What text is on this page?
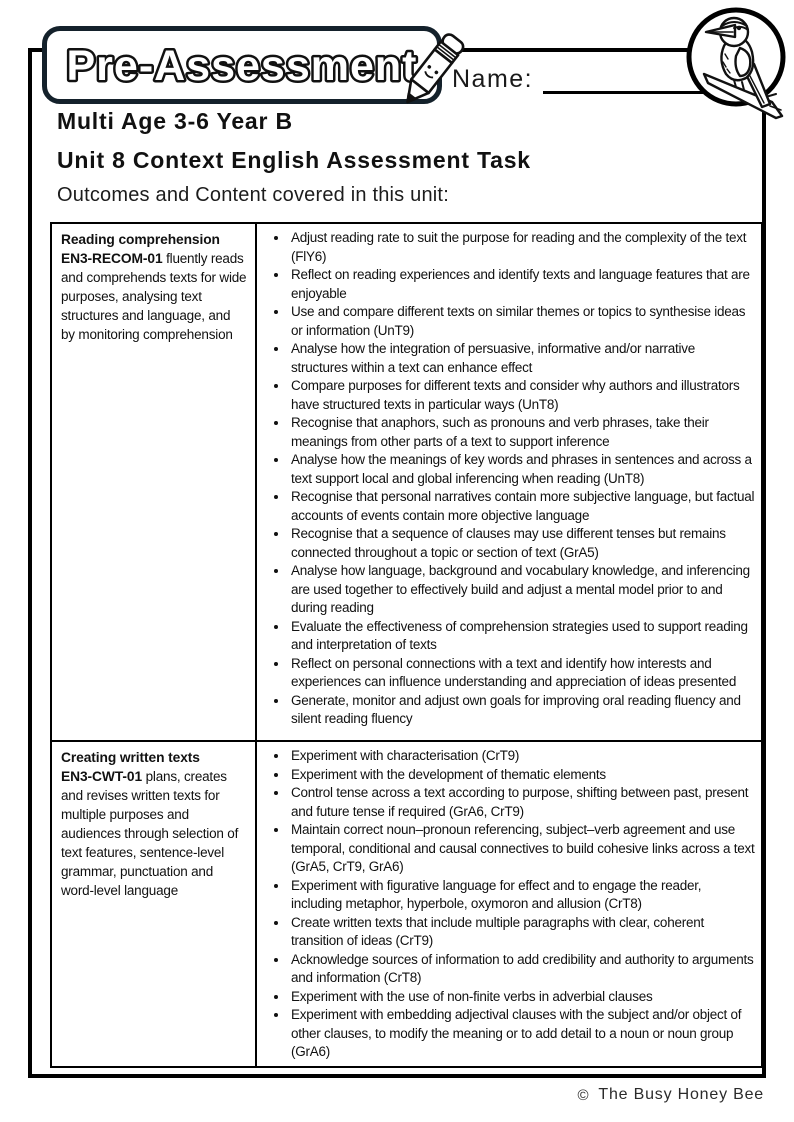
Pre-Assessment Name:
Multi Age 3-6 Year B
Unit 8 Context English Assessment Task
Outcomes and Content covered in this unit:

Reading comprehension
EN3-RECOM-01 fluently reads and comprehends texts for wide purposes, analysing text structures and language, and by monitoring comprehension

• Adjust reading rate to suit the purpose for reading and the complexity of the text (FlY6)
• Reflect on reading experiences and identify texts and language features that are enjoyable
• Use and compare different texts on similar themes or topics to synthesise ideas or information (UnT9)
• Analyse how the integration of persuasive, informative and/or narrative structures within a text can enhance effect
• Compare purposes for different texts and consider why authors and illustrators have structured texts in particular ways (UnT8)
• Recognise that anaphors, such as pronouns and verb phrases, take their meanings from other parts of a text to support inference
• Analyse how the meanings of key words and phrases in sentences and across a text support local and global inferencing when reading (UnT8)
• Recognise that personal narratives contain more subjective language, but factual accounts of events contain more objective language
• Recognise that a sequence of clauses may use different tenses but remains connected throughout a topic or section of text (GrA5)
• Analyse how language, background and vocabulary knowledge, and inferencing are used together to effectively build and adjust a mental model prior to and during reading
• Evaluate the effectiveness of comprehension strategies used to support reading and interpretation of texts
• Reflect on personal connections with a text and identify how interests and experiences can influence understanding and appreciation of ideas presented
• Generate, monitor and adjust own goals for improving oral reading fluency and silent reading fluency

Creating written texts
EN3-CWT-01 plans, creates and revises written texts for multiple purposes and audiences through selection of text features, sentence-level grammar, punctuation and word-level language

• Experiment with characterisation (CrT9)
• Experiment with the development of thematic elements
• Control tense across a text according to purpose, shifting between past, present and future tense if required (GrA6, CrT9)
• Maintain correct noun–pronoun referencing, subject–verb agreement and use temporal, conditional and causal connectives to build cohesive links across a text (GrA5, CrT9, GrA6)
• Experiment with figurative language for effect and to engage the reader, including metaphor, hyperbole, oxymoron and allusion (CrT8)
• Create written texts that include multiple paragraphs with clear, coherent transition of ideas (CrT9)
• Acknowledge sources of information to add credibility and authority to arguments and information (CrT8)
• Experiment with the use of non-finite verbs in adverbial clauses
• Experiment with embedding adjectival clauses with the subject and/or object of other clauses, to modify the meaning or to add detail to a noun or noun group (GrA6)
© The Busy Honey Bee
